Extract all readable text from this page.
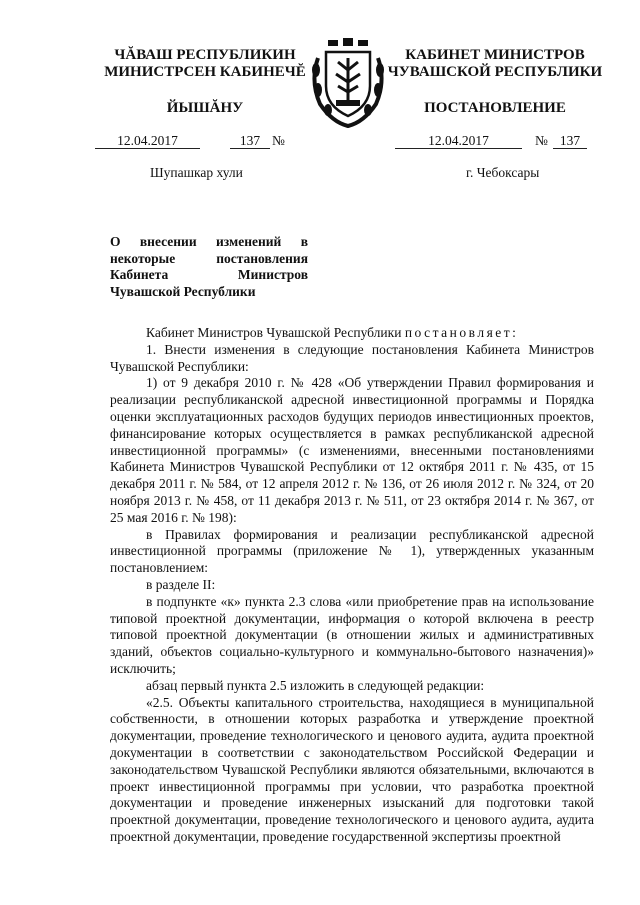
ЧĂВАШ РЕСПУБЛИКИН
МИНИСТРСЕН КАБИНЕЧĔ
ЙЫШĂНУ
КАБИНЕТ МИНИСТРОВ
ЧУВАШСКОЙ РЕСПУБЛИКИ
ПОСТАНОВЛЕНИЕ
12.04.2017	137 №	12.04.2017	№ 137
Шупашкар хули	г. Чебоксары
О внесении изменений в некоторые постановления Кабинета Министров Чувашской Республики

Кабинет Министров Чувашской Республики постановляет:

1. Внести изменения в следующие постановления Кабинета Министров Чувашской Республики:

1) от 9 декабря 2010 г. № 428 «Об утверждении Правил формирования и реализации республиканской адресной инвестиционной программы и Порядка оценки эксплуатационных расходов будущих периодов инвестиционных проектов, финансирование которых осуществляется в рамках республиканской адресной инвестиционной программы» (с изменениями, внесенными постановлениями Кабинета Министров Чувашской Республики от 12 октября 2011 г. № 435, от 15 декабря 2011 г. № 584, от 12 апреля 2012 г. № 136, от 26 июля 2012 г. № 324, от 20 ноября 2013 г. № 458, от 11 декабря 2013 г. № 511, от 23 октября 2014 г. № 367, от 25 мая 2016 г. № 198):

в Правилах формирования и реализации республиканской адресной инвестиционной программы (приложение № 1), утвержденных указанным постановлением:

в разделе II:

в подпункте «к» пункта 2.3 слова «или приобретение прав на использование типовой проектной документации, информация о которой включена в реестр типовой проектной документации (в отношении жилых и административных зданий, объектов социально-культурного и коммунально-бытового назначения)» исключить;

абзац первый пункта 2.5 изложить в следующей редакции:

«2.5. Объекты капитального строительства, находящиеся в муниципальной собственности, в отношении которых разработка и утверждение проектной документации, проведение технологического и ценового аудита, аудита проектной документации в соответствии с законодательством Российской Федерации и законодательством Чувашской Республики являются обязательными, включаются в проект инвестиционной программы при условии, что разработка проектной документации и проведение инженерных изысканий для подготовки такой проектной документации, проведение технологического и ценового аудита, аудита проектной документации, проведение государственной экспертизы проектной
